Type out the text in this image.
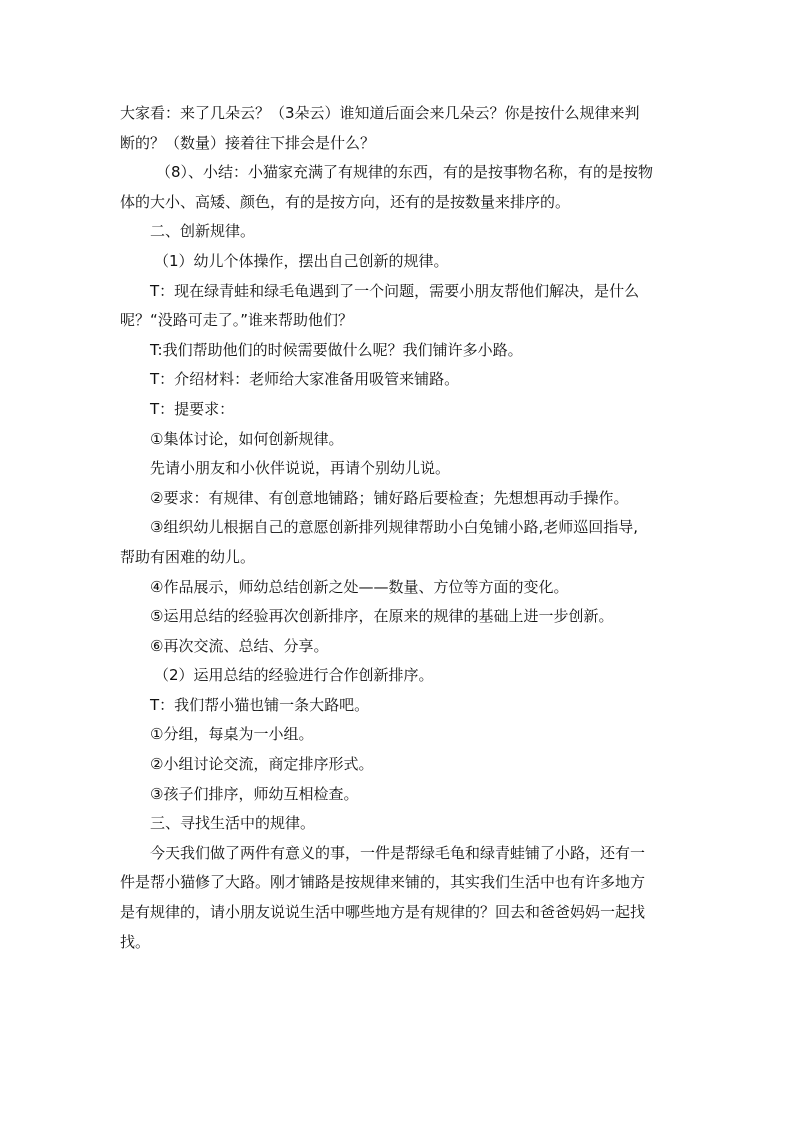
大家看：来了几朵云？（3朵云）谁知道后面会来几朵云？你是按什么规律来判
断的？（数量）接着往下排会是什么？
（8）、小结：小猫家充满了有规律的东西，有的是按事物名称，有的是按物
体的大小、高矮、颜色，有的是按方向，还有的是按数量来排序的。
二、创新规律。
（1）幼儿个体操作，摆出自己创新的规律。
T：现在绿青蛙和绿毛龟遇到了一个问题，需要小朋友帮他们解决，是什么
呢？“没路可走了。”谁来帮助他们？
T:我们帮助他们的时候需要做什么呢？我们铺许多小路。
T：介绍材料：老师给大家准备用吸管来铺路。
T：提要求：
①集体讨论，如何创新规律。
先请小朋友和小伙伴说说，再请个别幼儿说。
②要求：有规律、有创意地铺路；铺好路后要检查；先想想再动手操作。
③组织幼儿根据自己的意愿创新排列规律帮助小白兔铺小路,老师巡回指导,
帮助有困难的幼儿。
④作品展示，师幼总结创新之处——数量、方位等方面的变化。
⑤运用总结的经验再次创新排序，在原来的规律的基础上进一步创新。
⑥再次交流、总结、分享。
（2）运用总结的经验进行合作创新排序。
T：我们帮小猫也铺一条大路吧。
①分组，每桌为一小组。
②小组讨论交流，商定排序形式。
③孩子们排序，师幼互相检查。
三、寻找生活中的规律。
今天我们做了两件有意义的事，一件是帮绿毛龟和绿青蛙铺了小路，还有一
件是帮小猫修了大路。刚才铺路是按规律来铺的，其实我们生活中也有许多地方
是有规律的，请小朋友说说生活中哪些地方是有规律的？回去和爸爸妈妈一起找
找。
